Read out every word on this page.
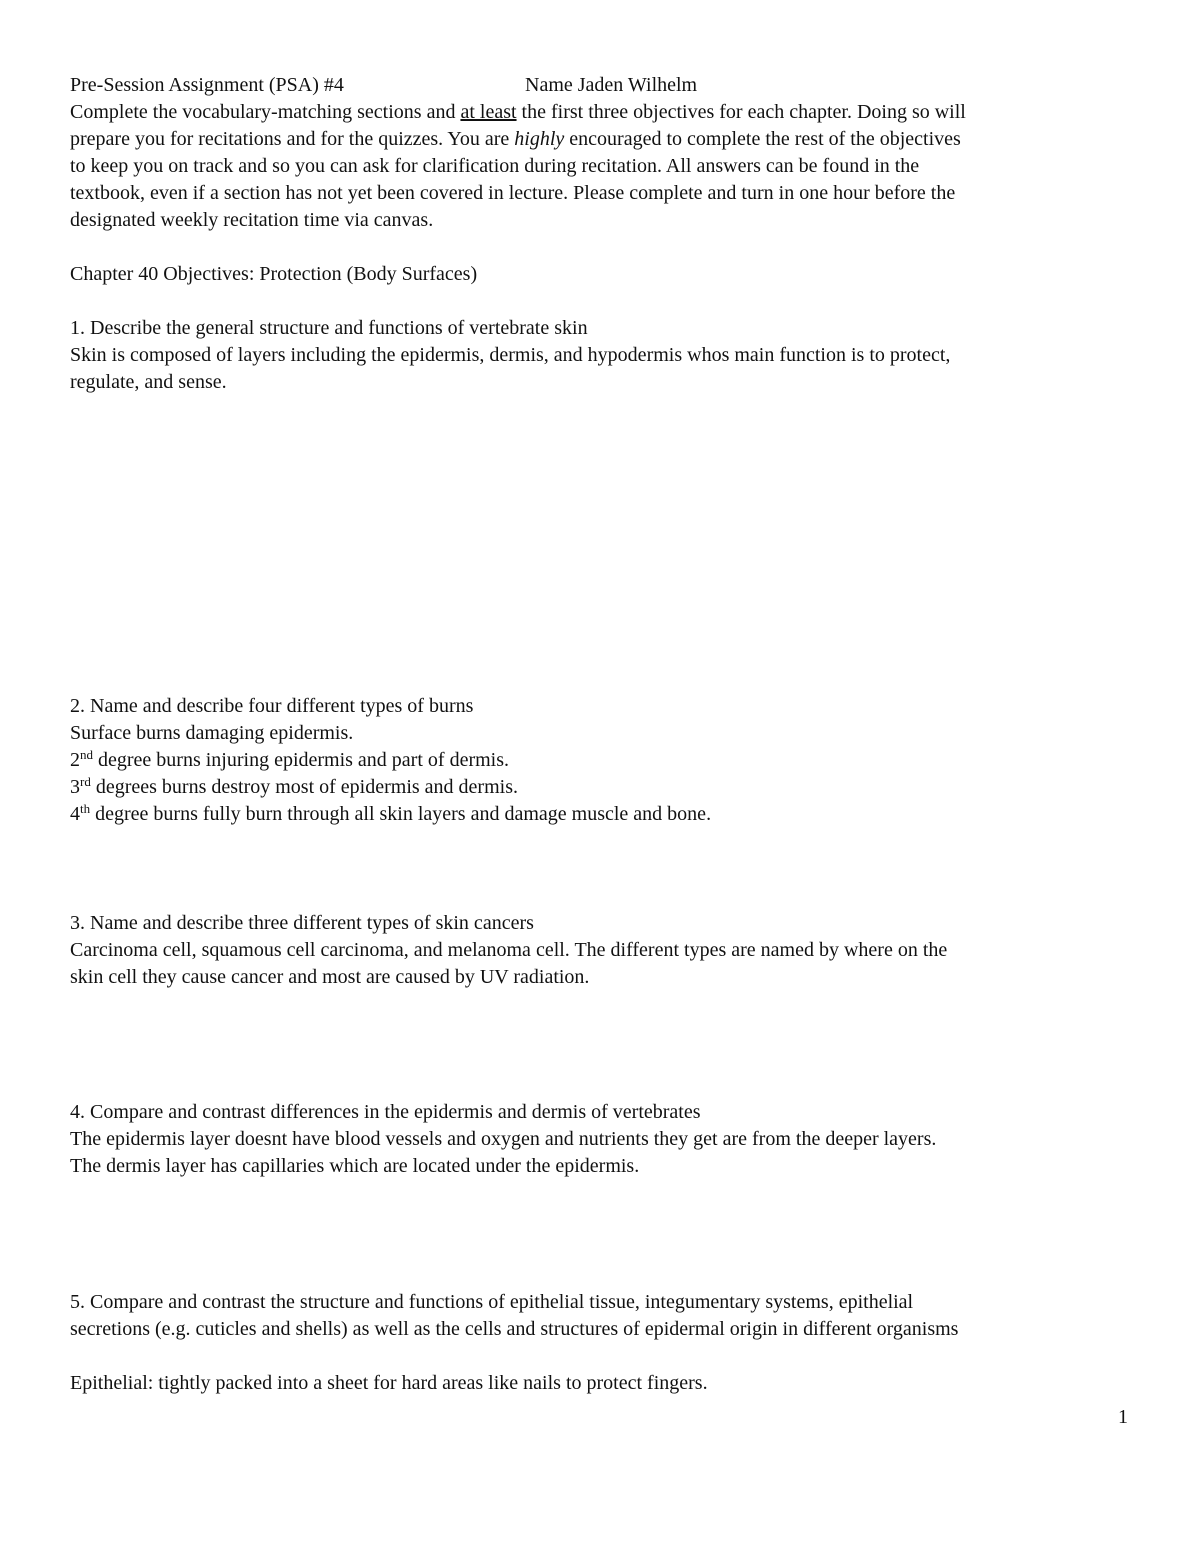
Pre-Session Assignment (PSA) #4	Name Jaden Wilhelm
Complete the vocabulary-matching sections and at least the first three objectives for each chapter. Doing so will
prepare you for recitations and for the quizzes. You are highly encouraged to complete the rest of the objectives
to keep you on track and so you can ask for clarification during recitation. All answers can be found in the
textbook, even if a section has not yet been covered in lecture. Please complete and turn in one hour before the
designated weekly recitation time via canvas.
Chapter 40 Objectives: Protection (Body Surfaces)
1. Describe the general structure and functions of vertebrate skin
Skin is composed of layers including the epidermis, dermis, and hypodermis whos main function is to protect,
regulate, and sense.
2. Name and describe four different types of burns
Surface burns damaging epidermis.
2nd degree burns injuring epidermis and part of dermis.
3rd degrees burns destroy most of epidermis and dermis.
4th degree burns fully burn through all skin layers and damage muscle and bone.
3. Name and describe three different types of skin cancers
Carcinoma cell, squamous cell carcinoma, and melanoma cell. The different types are named by where on the
skin cell they cause cancer and most are caused by UV radiation.
4. Compare and contrast differences in the epidermis and dermis of vertebrates
The epidermis layer doesnt have blood vessels and oxygen and nutrients they get are from the deeper layers.
The dermis layer has capillaries which are located under the epidermis.
5. Compare and contrast the structure and functions of epithelial tissue, integumentary systems, epithelial
secretions (e.g. cuticles and shells) as well as the cells and structures of epidermal origin in different organisms
Epithelial: tightly packed into a sheet for hard areas like nails to protect fingers.
1
